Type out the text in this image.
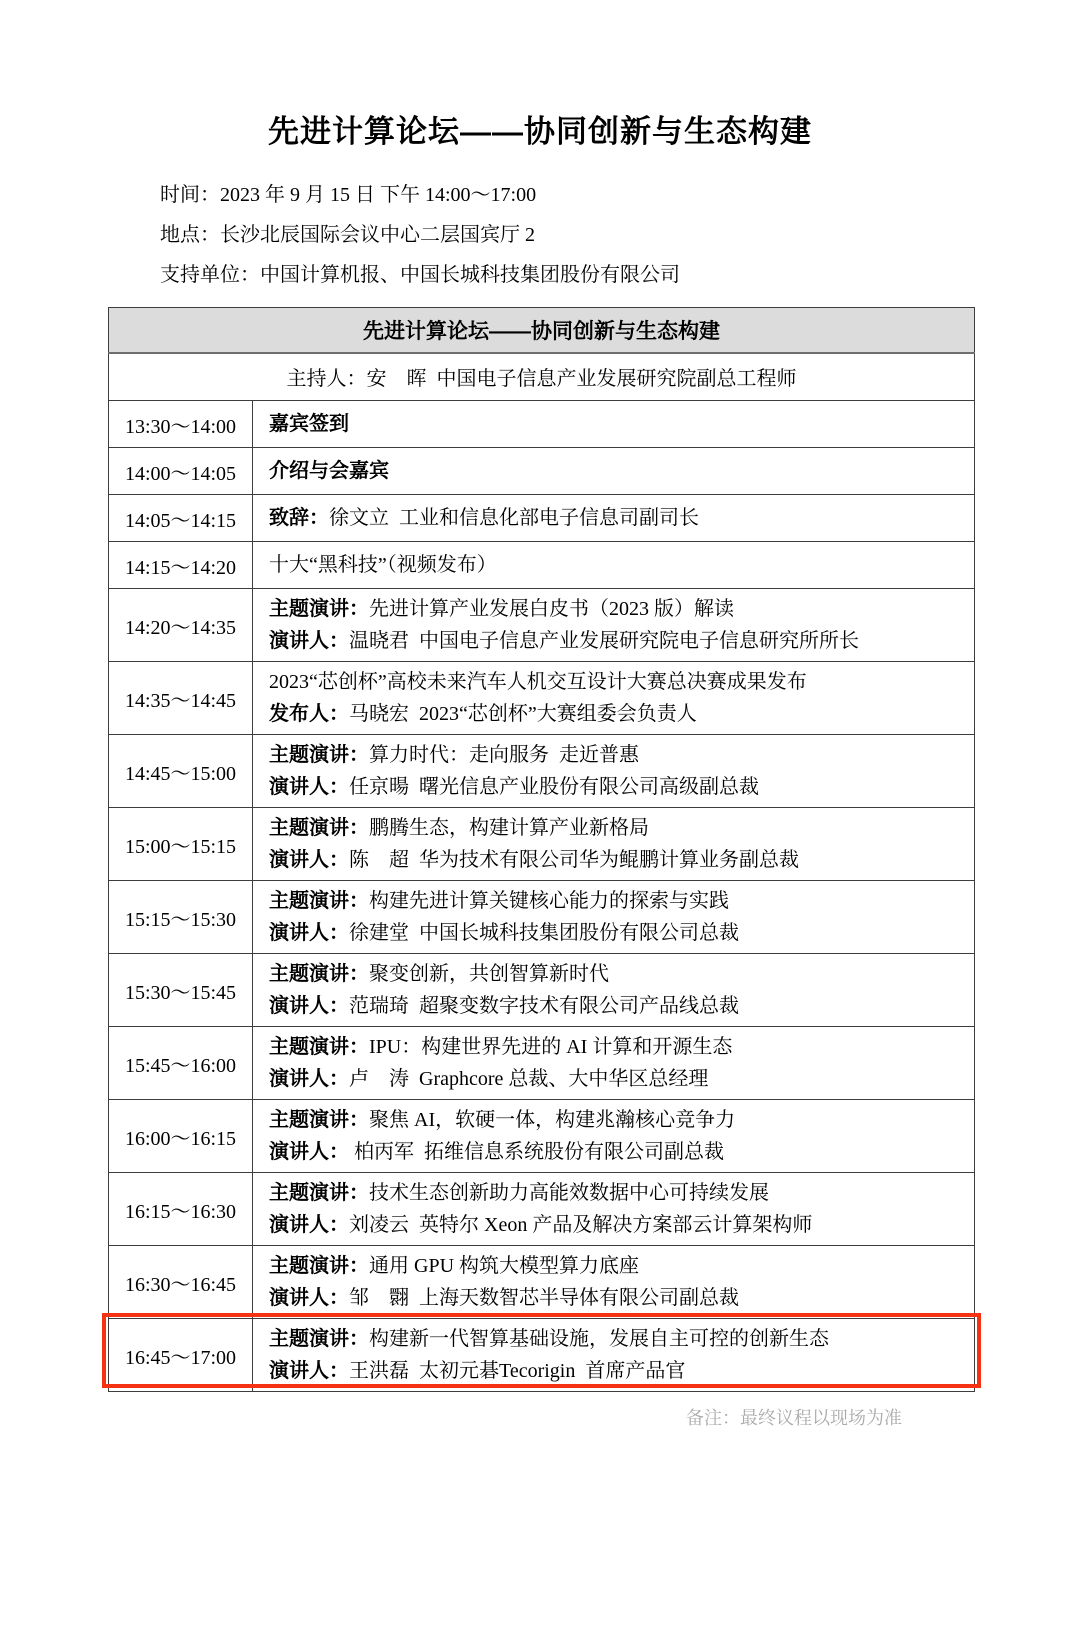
先进计算论坛——协同创新与生态构建
时间：2023 年 9 月 15 日 下午 14:00～17:00
地点：长沙北辰国际会议中心二层国宾厅 2
支持单位：中国计算机报、中国长城科技集团股份有限公司
先进计算论坛——协同创新与生态构建	
主持人：安　晖  中国电子信息产业发展研究院副总工程师	
13:30～14:00	嘉宾签到

14:00～14:05	介绍与会嘉宾

14:05～14:15	致辞：徐文立  工业和信息化部电子信息司副司长

14:15～14:20	十大“黑科技”（视频发布）

14:20～14:35	主题演讲：先进计算产业发展白皮书（2023 版）解读

演讲人：温晓君  中国电子信息产业发展研究院电子信息研究所所长

14:35～14:45	2023“芯创杯”高校未来汽车人机交互设计大赛总决赛成果发布

发布人：马晓宏  2023“芯创杯”大赛组委会负责人

14:45～15:00	主题演讲：算力时代：走向服务  走近普惠

演讲人：任京暘  曙光信息产业股份有限公司高级副总裁

15:00～15:15	主题演讲：鹏腾生态，构建计算产业新格局

演讲人：陈　超  华为技术有限公司华为鲲鹏计算业务副总裁

15:15～15:30	主题演讲：构建先进计算关键核心能力的探索与实践

演讲人：徐建堂  中国长城科技集团股份有限公司总裁

15:30～15:45	主题演讲：聚变创新，共创智算新时代

演讲人：范瑞琦  超聚变数字技术有限公司产品线总裁

15:45～16:00	主题演讲：IPU：构建世界先进的 AI 计算和开源生态

演讲人：卢　涛  Graphcore 总裁、大中华区总经理

16:00～16:15	主题演讲：聚焦 AI，软硬一体，构建兆瀚核心竞争力

演讲人： 柏丙军  拓维信息系统股份有限公司副总裁

16:15～16:30	主题演讲：技术生态创新助力高能效数据中心可持续发展

演讲人：刘凌云  英特尔 Xeon 产品及解决方案部云计算架构师

16:30～16:45	主题演讲：通用 GPU 构筑大模型算力底座

演讲人：邹　翾  上海天数智芯半导体有限公司副总裁

16:45～17:00	主题演讲：构建新一代智算基础设施，发展自主可控的创新生态

演讲人：王洪磊  太初元碁Tecorigin  首席产品官

备注：最终议程以现场为准
